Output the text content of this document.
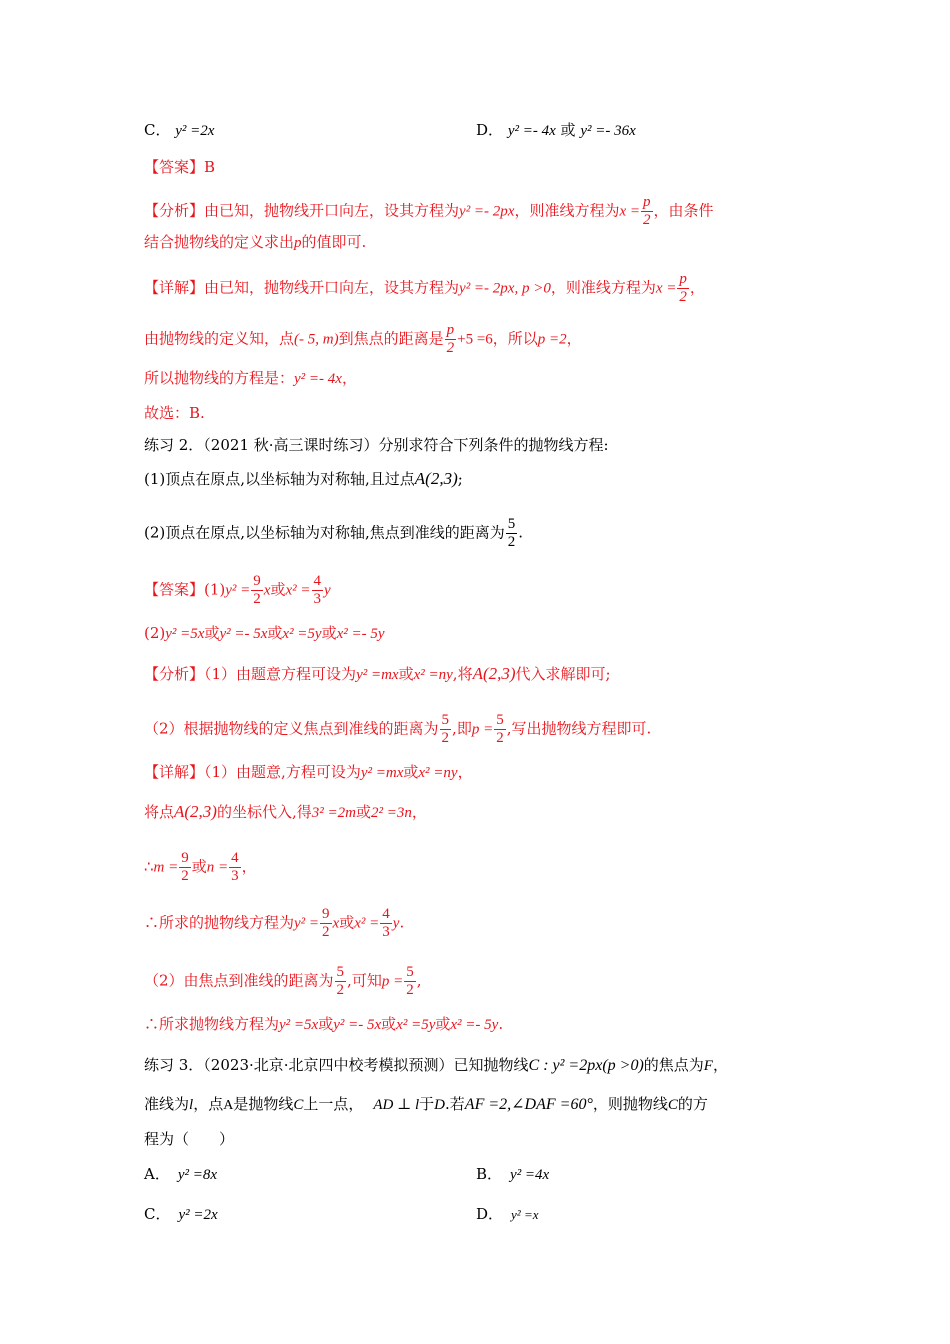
C． y² =2x	D． y² =- 4x 或 y² =- 36x
【答案】B
【分析】由已知，抛物线开口向左，设其方程为y² =- 2px，则准线方程为$x = \frac{p}{2}$ ，由条件
结合抛物线的定义求出p的值即可.
【详解】由已知，抛物线开口向左，设其方程为y² =- 2px, p >0，则准线方程为$x = \frac{p}{2}$ ，
由抛物线的定义知，点(- 5, m)到焦点的距离是 $\frac{p}{2} +5 =6$，所以p =2，
所以抛物线的方程是：y² =- 4x，
故选：B.
练习 2．（2021 秋·高三课时练习）分别求符合下列条件的抛物线方程:
(1)顶点在原点,以坐标轴为对称轴,且过点A(2,3);
(2)顶点在原点,以坐标轴为对称轴,焦点到准线的距离为 $\frac{5}{2}$ .
【答案】$(1)y^2 = \frac{9}{2}$ x或$x^2 = \frac{4}{3}$ y
(2)y² =5x或y² =- 5x或x² =5y或x² =- 5y
【分析】（1）由题意方程可设为y² =mx或x² =ny,将A(2,3)代入求解即可;
（2）根据抛物线的定义焦点到准线的距离为 $\frac{5}{2}$ ,即$p = \frac{5}{2}$ ,写出抛物线方程即可.
【详解】（1）由题意,方程可设为y² =mx或x² =ny，
将点A(2,3)的坐标代入,得3² =2m或2² =3n，
∴m = $\frac{9}{2}$ 或$n = \frac{4}{3}$ ，
∴所求的抛物线方程为$y^2 = \frac{9}{2}$ x或$x^2 = \frac{4}{3} y$.
（2）由焦点到准线的距离为 $\frac{5}{2}$ ,可知$p = \frac{5}{2}$ ,
∴所求抛物线方程为y² =5x或y² =- 5x或x² =5y或x² =- 5y.
练习 3．（2023·北京·北京四中校考模拟预测）已知抛物线C : y² =2px(p >0)的焦点为F，
准线为l，点A是抛物线C上一点， AD ⊥ l于D.若AF =2,∠DAF =60°，则抛物线C的方
程为（　　）
A． y² =8x	B． y² =4x
C． y² =2x	D． y² =x
